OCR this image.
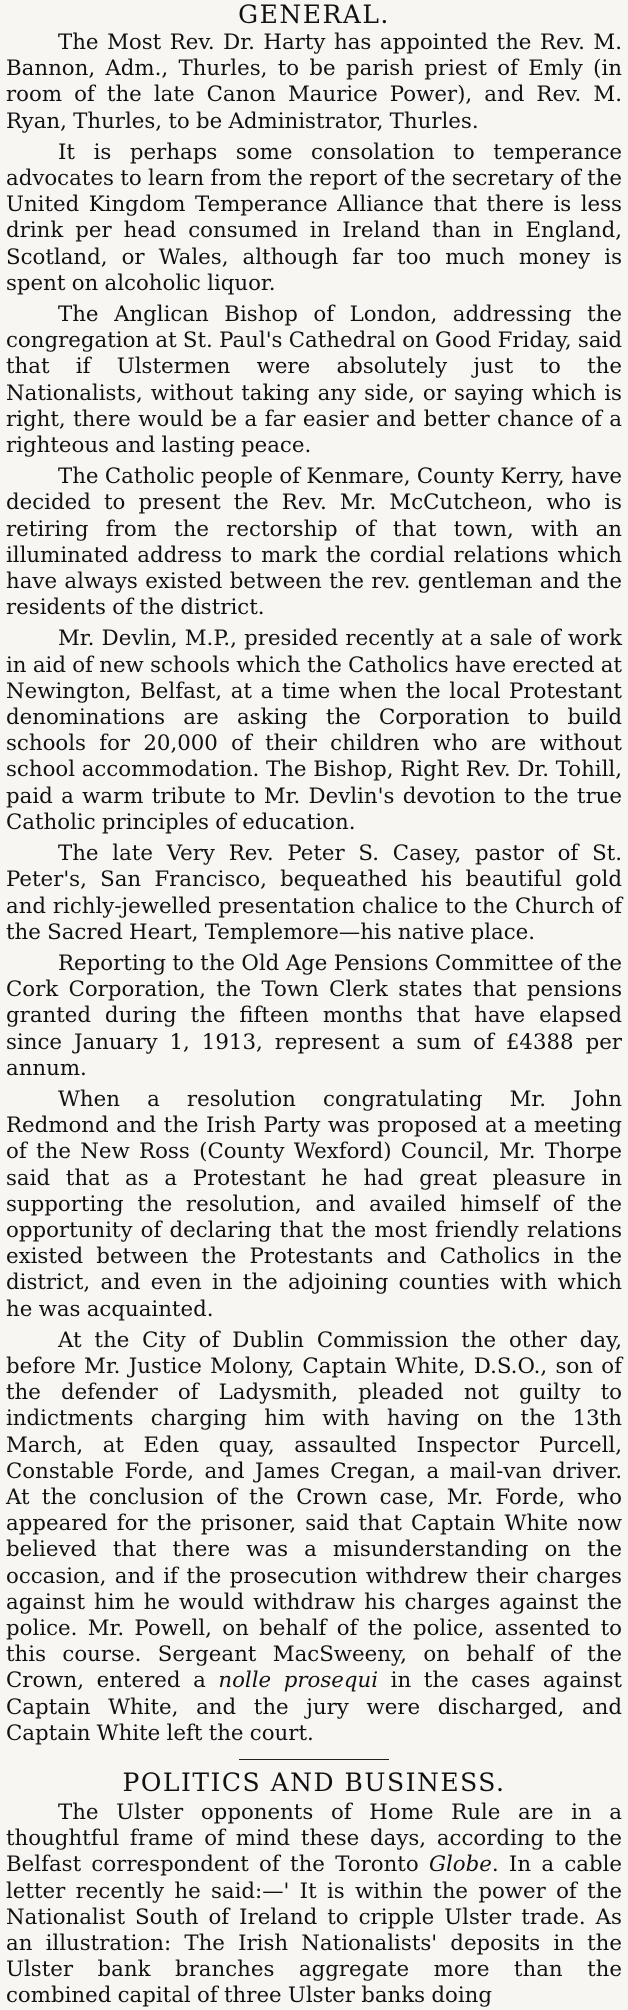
GENERAL.

The Most Rev. Dr. Harty has appointed the Rev. M. Bannon, Adm., Thurles, to be parish priest of Emly (in room of the late Canon Maurice Power), and Rev. M. Ryan, Thurles, to be Administrator, Thurles.

It is perhaps some consolation to temperance advocates to learn from the report of the secretary of the United Kingdom Temperance Alliance that there is less drink per head consumed in Ireland than in England, Scotland, or Wales, although far too much money is spent on alcoholic liquor.

The Anglican Bishop of London, addressing the congregation at St. Paul's Cathedral on Good Friday, said that if Ulstermen were absolutely just to the Nationalists, without taking any side, or saying which is right, there would be a far easier and better chance of a righteous and lasting peace.

The Catholic people of Kenmare, County Kerry, have decided to present the Rev. Mr. McCutcheon, who is retiring from the rectorship of that town, with an illuminated address to mark the cordial relations which have always existed between the rev. gentleman and the residents of the district.

Mr. Devlin, M.P., presided recently at a sale of work in aid of new schools which the Catholics have erected at Newington, Belfast, at a time when the local Protestant denominations are asking the Corporation to build schools for 20,000 of their children who are without school accommodation. The Bishop, Right Rev. Dr. Tohill, paid a warm tribute to Mr. Devlin's devotion to the true Catholic principles of education.

The late Very Rev. Peter S. Casey, pastor of St. Peter's, San Francisco, bequeathed his beautiful gold and richly-jewelled presentation chalice to the Church of the Sacred Heart, Templemore—his native place.

Reporting to the Old Age Pensions Committee of the Cork Corporation, the Town Clerk states that pensions granted during the fifteen months that have elapsed since January 1, 1913, represent a sum of £4388 per annum.

When a resolution congratulating Mr. John Redmond and the Irish Party was proposed at a meeting of the New Ross (County Wexford) Council, Mr. Thorpe said that as a Protestant he had great pleasure in supporting the resolution, and availed himself of the opportunity of declaring that the most friendly relations existed between the Protestants and Catholics in the district, and even in the adjoining counties with which he was acquainted.

At the City of Dublin Commission the other day, before Mr. Justice Molony, Captain White, D.S.O., son of the defender of Ladysmith, pleaded not guilty to indictments charging him with having on the 13th March, at Eden quay, assaulted Inspector Purcell, Constable Forde, and James Cregan, a mail-van driver. At the conclusion of the Crown case, Mr. Forde, who appeared for the prisoner, said that Captain White now believed that there was a misunderstanding on the occasion, and if the prosecution withdrew their charges against him he would withdraw his charges against the police. Mr. Powell, on behalf of the police, assented to this course. Sergeant MacSweeny, on behalf of the Crown, entered a nolle prosequi in the cases against Captain White, and the jury were discharged, and Captain White left the court.

POLITICS AND BUSINESS.

The Ulster opponents of Home Rule are in a thoughtful frame of mind these days, according to the Belfast correspondent of the Toronto Globe. In a cable letter recently he said:—' It is within the power of the Nationalist South of Ireland to cripple Ulster trade. As an illustration: The Irish Nationalists' deposits in the Ulster bank branches aggregate more than the combined capital of three Ulster banks doing
